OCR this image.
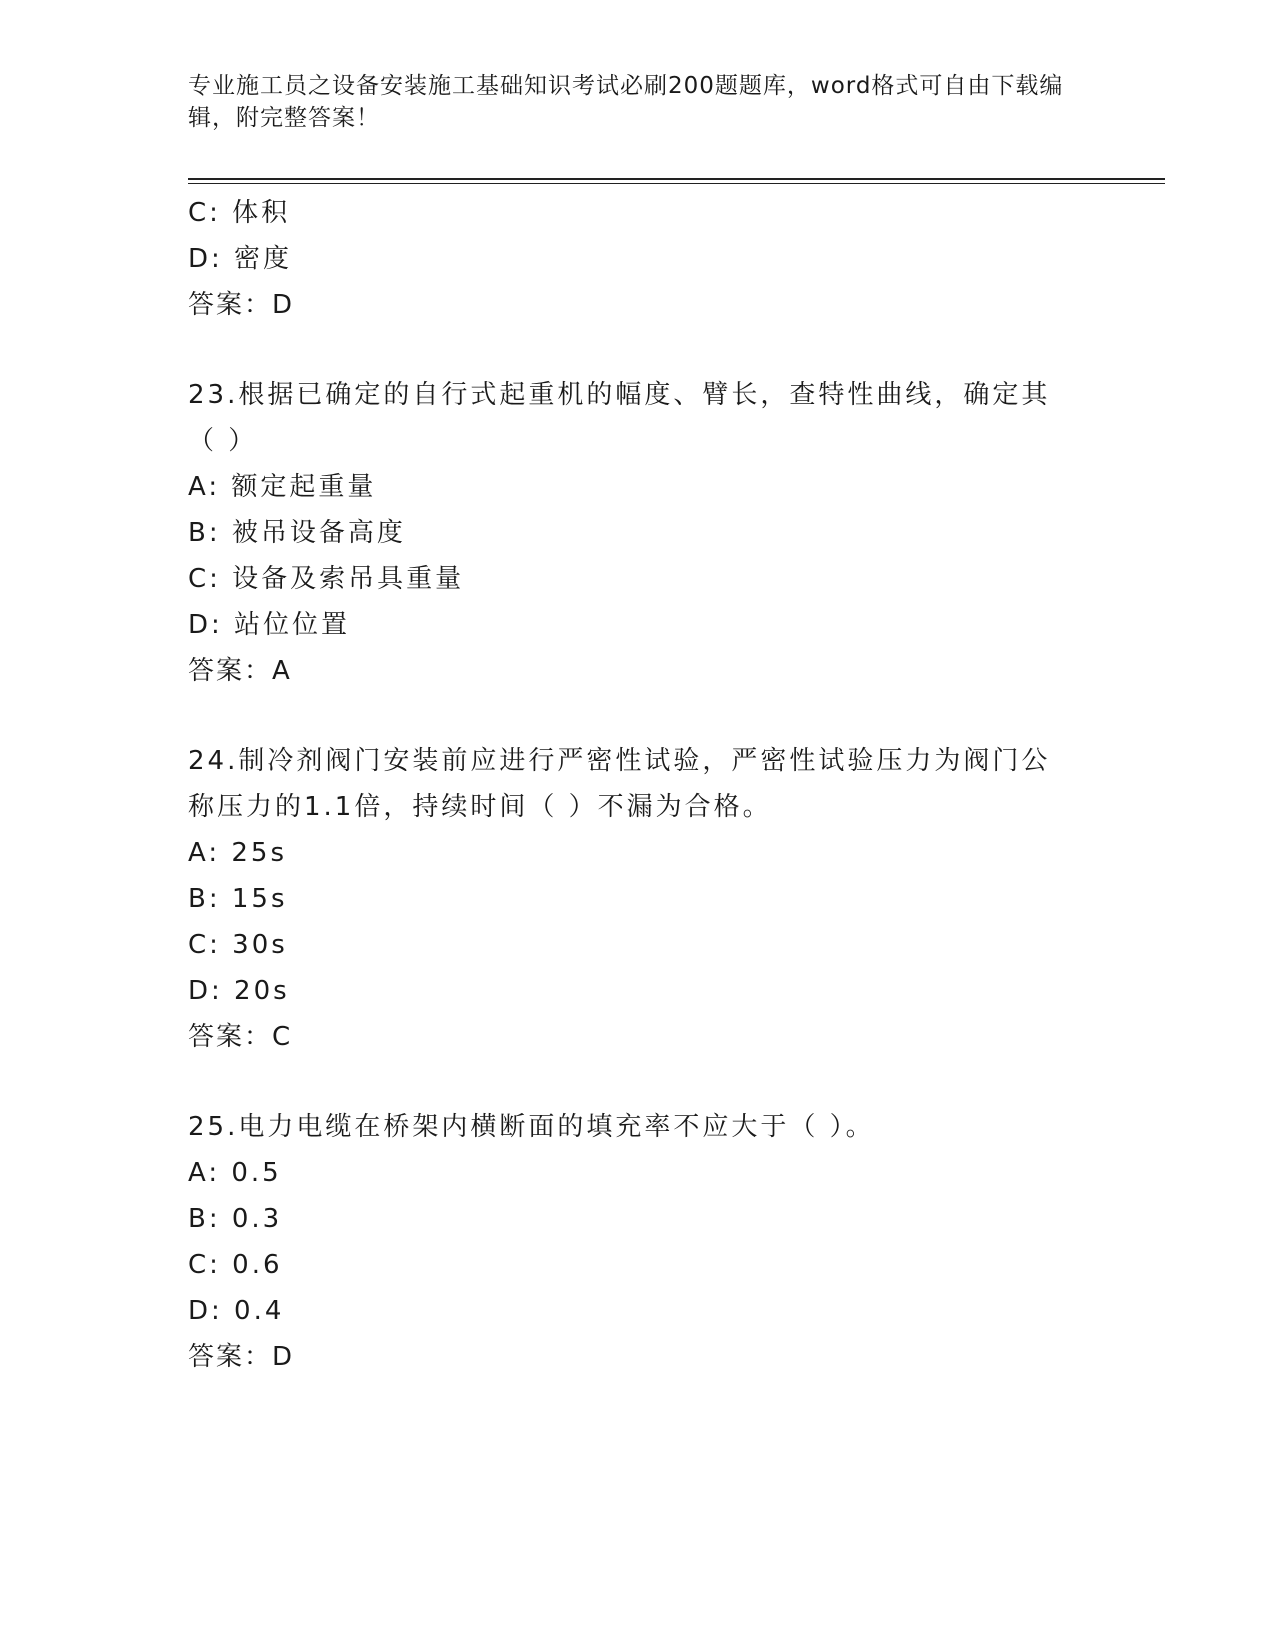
专业施工员之设备安装施工基础知识考试必刷200题题库，word格式可自由下载编辑，附完整答案！
C: 体积
D: 密度
答案：D
23.根据已确定的自行式起重机的幅度、臂长，查特性曲线，确定其（ ）
A: 额定起重量
B: 被吊设备高度
C: 设备及索吊具重量
D: 站位位置
答案：A
24.制冷剂阀门安装前应进行严密性试验，严密性试验压力为阀门公称压力的1.1倍，持续时间（ ）不漏为合格。
A: 25s
B: 15s
C: 30s
D: 20s
答案：C
25.电力电缆在桥架内横断面的填充率不应大于（ ）。
A: 0.5
B: 0.3
C: 0.6
D: 0.4
答案：D
